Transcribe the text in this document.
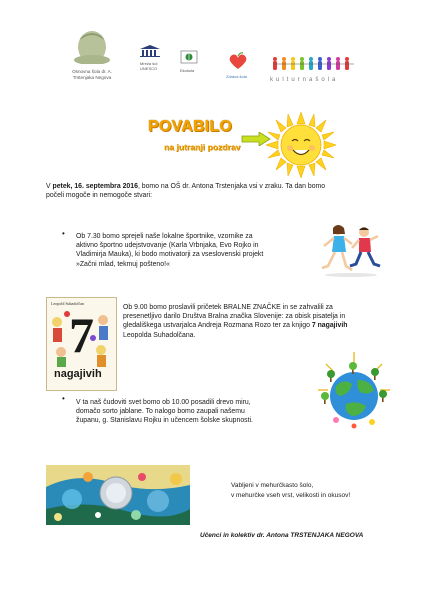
Osnovna šola dr. A. Trstenjaka Negova
Mreža šol UNESCO	Ekošola
Zdrava šola
kulturnašola
POVABILO
na jutranji pozdrav
V petek, 16. septembra 2016, bomo na OŠ dr. Antona Trstenjaka vsi v zraku. Ta dan bomo
počeli mogoče in nemogoče stvari:
• Ob 7.30 bomo sprejeli naše lokalne športnike, vzornike za
aktivno športno udejstvovanje (Karla Vrbnjaka, Evo Rojko in
Vladimirja Mauka), ki bodo motivatorji za vseslovenski projekt
»Začni mlad, tekmuj pošteno!«
Leopold Suhadolčan
7
nagajivih
Ob 9.00 bomo proslavili pričetek BRALNE ZNAČKE in se zahvalili za
presenetljivo darilo Društva Bralna značka Slovenije: za obisk pisatelja in
gledališkega ustvarjalca Andreja Rozmana Rozo ter za knjigo 7 nagajivih
Leopolda Suhadolčana.
• V ta naš čudoviti svet bomo ob 10.00 posadili drevo miru,
domačo sorto jablane. To nalogo bomo zaupali našemu
županu, g. Stanislavu Rojku in učencem šolske skupnosti.
Vabljeni v mehurčkasto šolo,
v mehurčke vseh vrst, velikosti in okusov!
Učenci in kolektiv dr. Antona TRSTENJAKA NEGOVA
